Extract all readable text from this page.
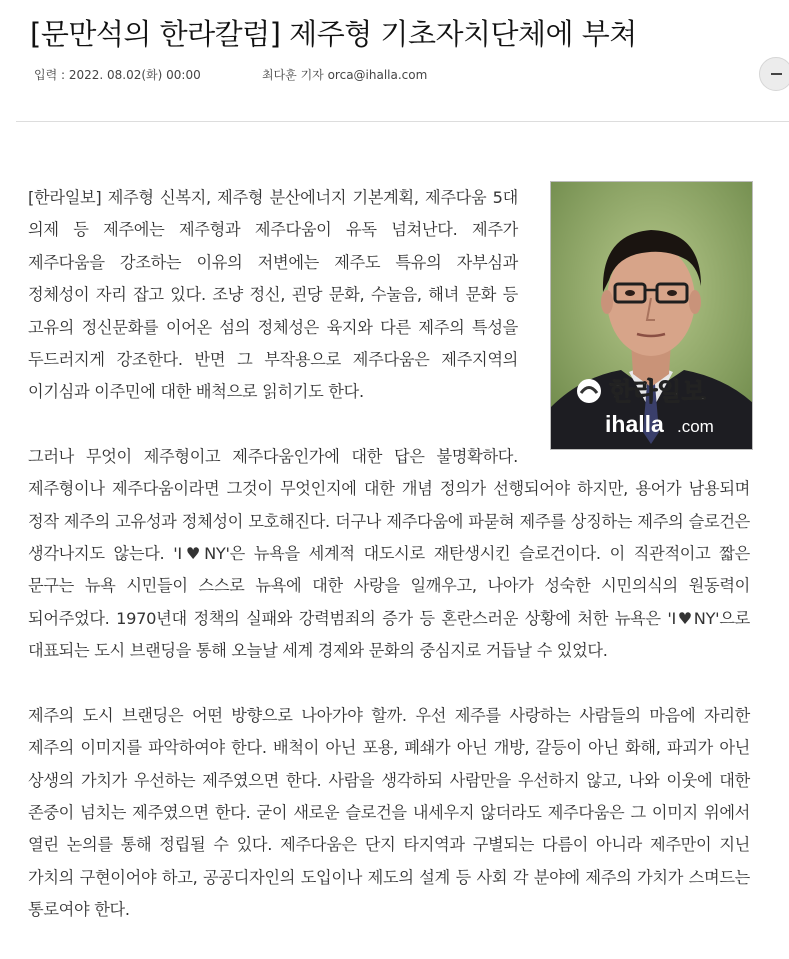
[문만석의 한라칼럼] 제주형 기초자치단체에 부쳐
입력 : 2022. 08.02(화) 00:00	최다훈 기자 orca@ihalla.com
한라일보
ihalla .com

[한라일보] 제주형 신복지, 제주형 분산에너지 기본계획, 제주다움 5대 의제 등 제주에는 제주형과 제주다움이 유독 넘쳐난다. 제주가 제주다움을 강조하는 이유의 저변에는 제주도 특유의 자부심과 정체성이 자리 잡고 있다. 조냥 정신, 괸당 문화, 수눌음, 해녀 문화 등 고유의 정신문화를 이어온 섬의 정체성은 육지와 다른 제주의 특성을 두드러지게 강조한다. 반면 그 부작용으로 제주다움은 제주지역의 이기심과 이주민에 대한 배척으로 읽히기도 한다.

그러나 무엇이 제주형이고 제주다움인가에 대한 답은 불명확하다. 제주형이나 제주다움이라면 그것이 무엇인지에 대한 개념 정의가 선행되어야 하지만, 용어가 남용되며 정작 제주의 고유성과 정체성이 모호해진다. 더구나 제주다움에 파묻혀 제주를 상징하는 제주의 슬로건은 생각나지도 않는다. 'I♥NY'은 뉴욕을 세계적 대도시로 재탄생시킨 슬로건이다. 이 직관적이고 짧은 문구는 뉴욕 시민들이 스스로 뉴욕에 대한 사랑을 일깨우고, 나아가 성숙한 시민의식의 원동력이 되어주었다. 1970년대 정책의 실패와 강력범죄의 증가 등 혼란스러운 상황에 처한 뉴욕은 'I♥NY'으로 대표되는 도시 브랜딩을 통해 오늘날 세계 경제와 문화의 중심지로 거듭날 수 있었다.

제주의 도시 브랜딩은 어떤 방향으로 나아가야 할까. 우선 제주를 사랑하는 사람들의 마음에 자리한 제주의 이미지를 파악하여야 한다. 배척이 아닌 포용, 폐쇄가 아닌 개방, 갈등이 아닌 화해, 파괴가 아닌 상생의 가치가 우선하는 제주였으면 한다. 사람을 생각하되 사람만을 우선하지 않고, 나와 이웃에 대한 존중이 넘치는 제주였으면 한다. 굳이 새로운 슬로건을 내세우지 않더라도 제주다움은 그 이미지 위에서 열린 논의를 통해 정립될 수 있다. 제주다움은 단지 타지역과 구별되는 다름이 아니라 제주만이 지닌 가치의 구현이어야 하고, 공공디자인의 도입이나 제도의 설계 등 사회 각 분야에 제주의 가치가 스며드는 통로여야 한다.
